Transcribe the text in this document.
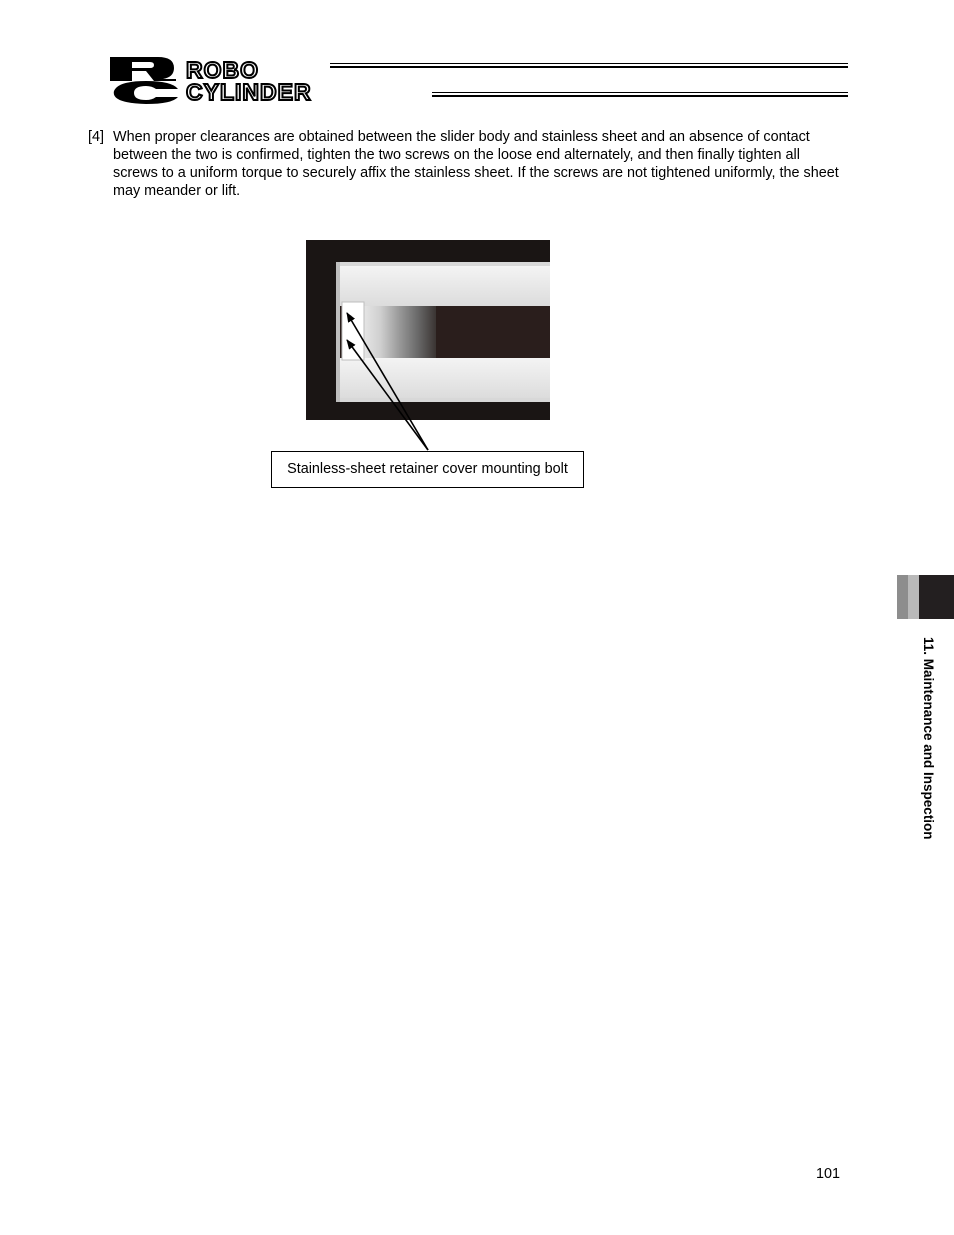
ROBO
CYLINDER
[4] When proper clearances are obtained between the slider body and stainless sheet and an absence of contact between the two is confirmed, tighten the two screws on the loose end alternately, and then finally tighten all screws to a uniform torque to securely affix the stainless sheet. If the screws are not tightened uniformly, the sheet may meander or lift.
Stainless-sheet retainer cover mounting bolt
11. Maintenance and Inspection
101
